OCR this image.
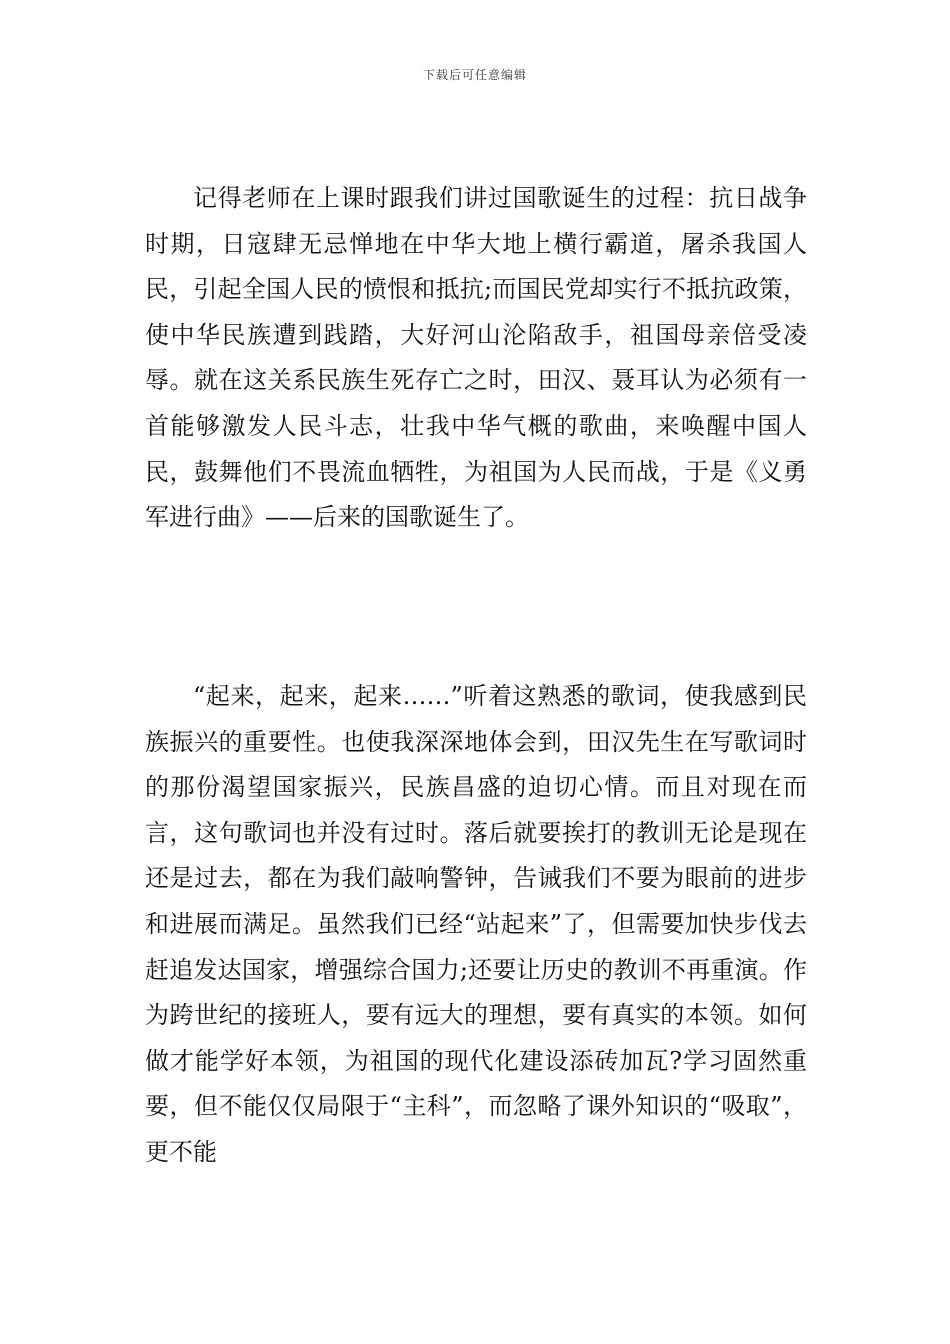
下载后可任意编辑

记得老师在上课时跟我们讲过国歌诞生的过程：抗日战争时期，日寇肆无忌惮地在中华大地上横行霸道，屠杀我国人民，引起全国人民的愤恨和抵抗;而国民党却实行不抵抗政策，使中华民族遭到践踏，大好河山沦陷敌手，祖国母亲倍受凌辱。就在这关系民族生死存亡之时，田汉、聂耳认为必须有一首能够激发人民斗志，壮我中华气概的歌曲，来唤醒中国人民，鼓舞他们不畏流血牺牲，为祖国为人民而战，于是《义勇军进行曲》——后来的国歌诞生了。

“起来，起来，起来……”听着这熟悉的歌词，使我感到民族振兴的重要性。也使我深深地体会到，田汉先生在写歌词时的那份渴望国家振兴，民族昌盛的迫切心情。而且对现在而言，这句歌词也并没有过时。落后就要挨打的教训无论是现在还是过去，都在为我们敲响警钟，告诫我们不要为眼前的进步和进展而满足。虽然我们已经“站起来”了，但需要加快步伐去赶追发达国家，增强综合国力;还要让历史的教训不再重演。作为跨世纪的接班人，要有远大的理想，要有真实的本领。如何做才能学好本领，为祖国的现代化建设添砖加瓦?学习固然重要，但不能仅仅局限于“主科”，而忽略了课外知识的“吸取”，更不能
